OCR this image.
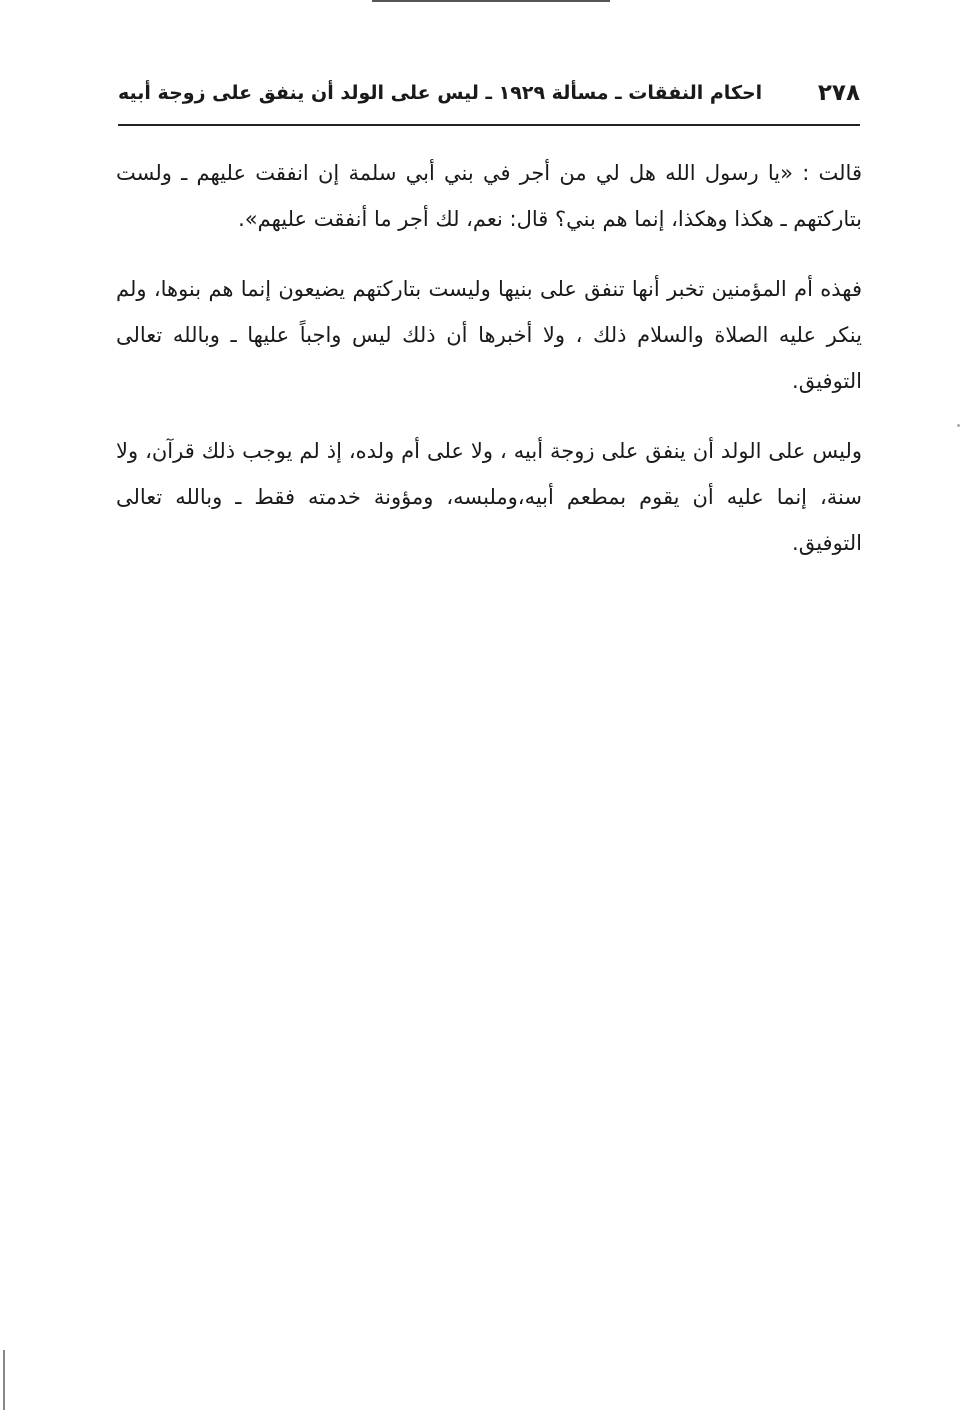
٢٧٨
احكام النفقات ـ مسألة ١٩٢٩ ـ ليس على الولد أن ينفق على زوجة أبيه

قالت : «يا رسول الله هل لي من أجر في بني أبي سلمة إن انفقت عليهم ـ ولست بتاركتهم ـ هكذا وهكذا، إنما هم بني؟ قال: نعم، لك أجر ما أنفقت عليهم».

فهذه أم المؤمنين تخبر أنها تنفق على بنيها وليست بتاركتهم يضيعون إنما هم بنوها، ولم ينكر عليه الصلاة والسلام ذلك ، ولا أخبرها أن ذلك ليس واجباً عليها ـ وبالله تعالى التوفيق.

وليس على الولد أن ينفق على زوجة أبيه ، ولا على أم ولده، إذ لم يوجب ذلك قرآن، ولا سنة، إنما عليه أن يقوم بمطعم أبيه،وملبسه، ومؤونة خدمته فقط ـ وبالله تعالى التوفيق.
